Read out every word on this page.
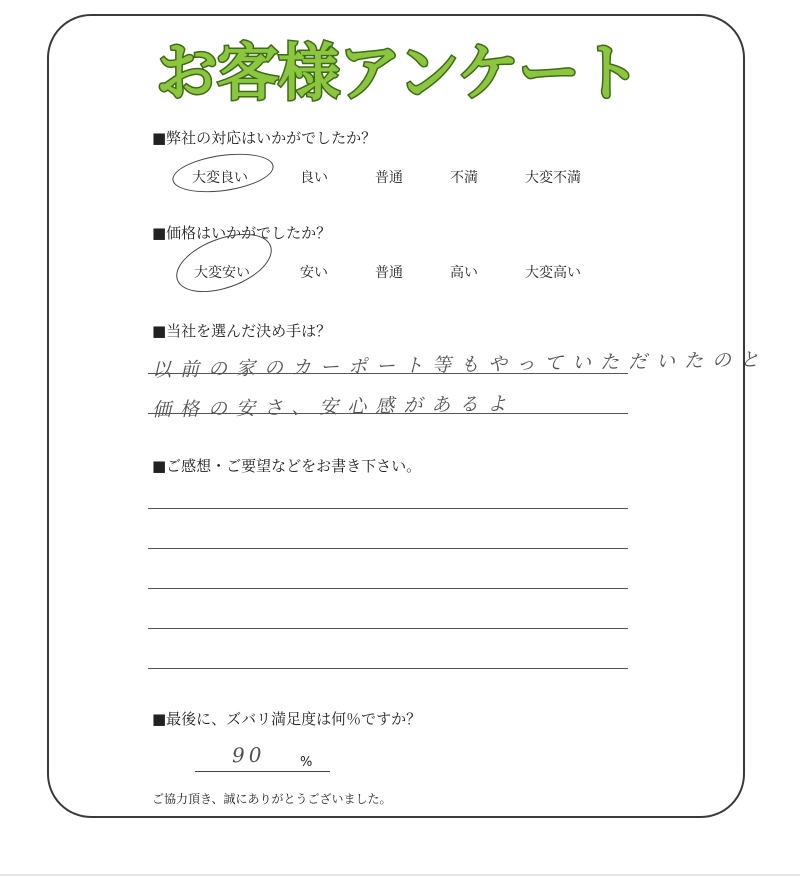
お客様アンケート
■弊社の対応はいかがでしたか？
大変良い	良い	普通	不満	大変不満
■価格はいかがでしたか？
大変安い	安い	普通	高い	大変高い
■当社を選んだ決め手は？
以前の家のカーポート等もやっていただいたのと
価格の安さ、安心感があるよ
■ご感想・ご要望などをお書き下さい。
■最後に、ズバリ満足度は何％ですか？
90	%
ご協力頂き、誠にありがとうございました。
